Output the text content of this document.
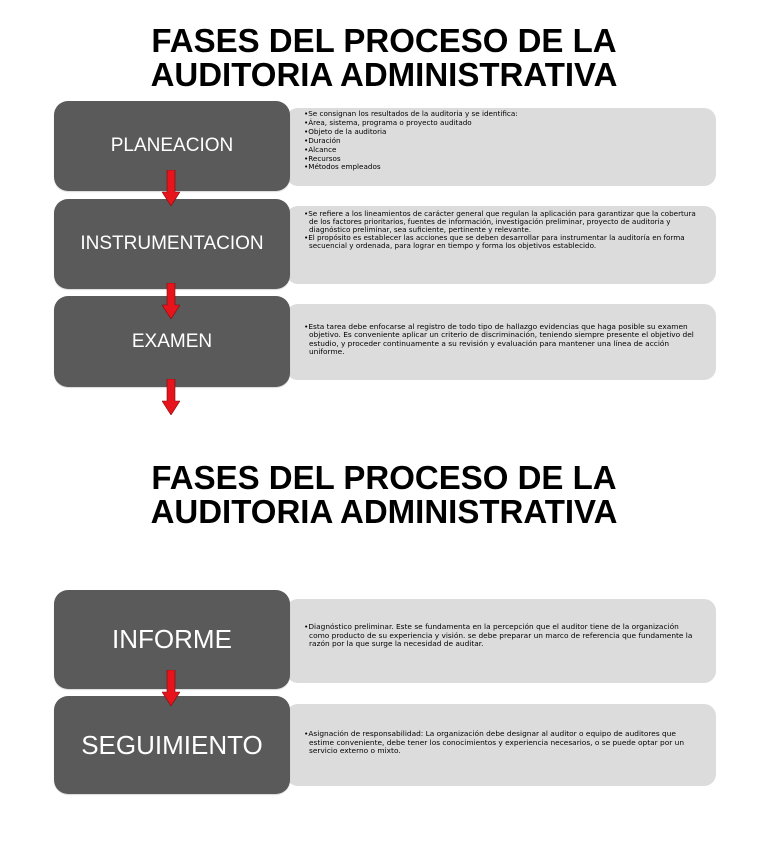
FASES DEL PROCESO DE LA
AUDITORIA ADMINISTRATIVA
FASES DEL PROCESO DE LA
AUDITORIA ADMINISTRATIVA
•Se consignan los resultados de la auditoria y se identifica:
•Área, sistema, programa o proyecto auditado
•Objeto de la auditoria
•Duración
•Alcance
•Recursos
•Métodos empleados
PLANEACION
•Se refiere a los lineamientos de carácter general que regulan la aplicación para garantizar que la cobertura de los factores prioritarios, fuentes de información, investigación preliminar, proyecto de auditoria y diagnóstico preliminar, sea suficiente, pertinente y relevante.
•El propósito es establecer las acciones que se deben desarrollar para instrumentar la auditoría en forma secuencial y ordenada, para lograr en tiempo y forma los objetivos establecido.
INSTRUMENTACION
•Esta tarea debe enfocarse al registro de todo tipo de hallazgo evidencias que haga posible su examen objetivo. Es conveniente aplicar un criterio de discriminación, teniendo siempre presente el objetivo del estudio, y proceder continuamente a su revisión y evaluación para mantener una línea de acción uniforme.
EXAMEN
•Diagnóstico preliminar. Este se fundamenta en la percepción que el auditor tiene de la organización como producto de su experiencia y visión. se debe preparar un marco de referencia que fundamente la razón por la que surge la necesidad de auditar.
INFORME
•Asignación de responsabilidad: La organización debe designar al auditor o equipo de auditores que estime conveniente, debe tener los conocimientos y experiencia necesarios, o se puede optar por un servicio externo o mixto.
SEGUIMIENTO
